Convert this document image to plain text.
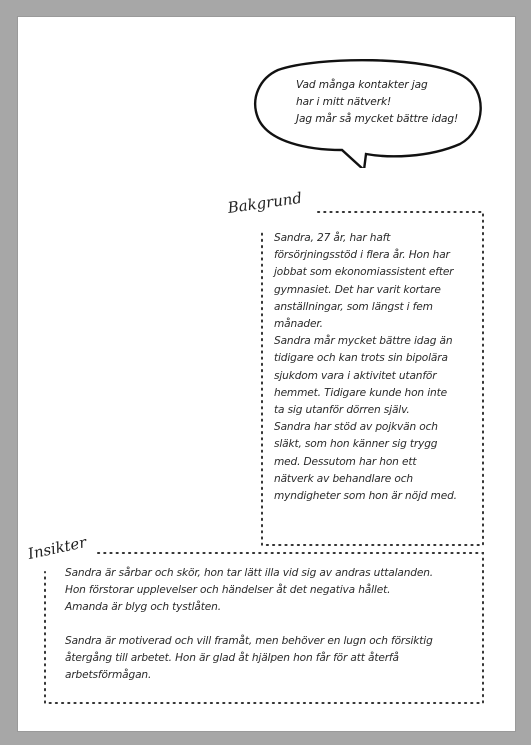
Vad många kontakter jag
har i mitt nätverk!
Jag mår så mycket bättre idag!
Bakgrund
Sandra, 27 år, har haft
försörjningsstöd i flera år. Hon har
jobbat som ekonomiassistent efter
gymnasiet. Det har varit kortare
anställningar, som längst i fem
månader.
Sandra mår mycket bättre idag än
tidigare och kan trots sin bipolära
sjukdom vara i aktivitet utanför
hemmet. Tidigare kunde hon inte
ta sig utanför dörren själv.
Sandra har stöd av pojkvän och
släkt, som hon känner sig trygg
med. Dessutom har hon ett
nätverk av behandlare och
myndigheter som hon är nöjd med.
Insikter
Sandra är sårbar och skör, hon tar lätt illa vid sig av andras uttalanden.
Hon förstorar upplevelser och händelser åt det negativa hållet.
Amanda är blyg och tystlåten.
Sandra är motiverad och vill framåt, men behöver en lugn och försiktig
återgång till arbetet. Hon är glad åt hjälpen hon får för att återfå
arbetsförmågan.
